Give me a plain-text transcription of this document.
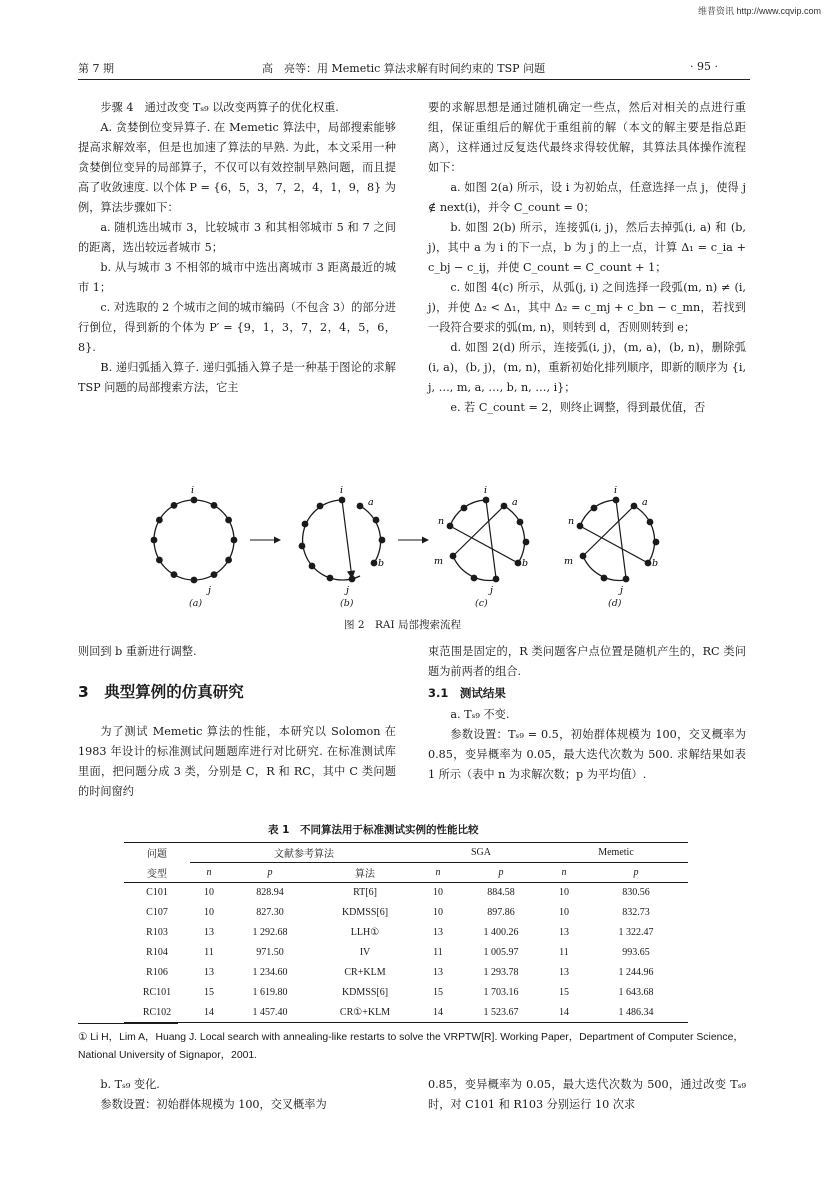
维普资讯 http://www.cqvip.com
第 7 期	高　亮等：用 Memetic 算法求解有时间约束的 TSP 问题	· 95 ·

步骤 4　通过改变 Tₛ₉ 以改变两算子的优化权重.

A. 贪婪倒位变异算子. 在 Memetic 算法中，局部搜索能够提高求解效率，但是也加速了算法的早熟. 为此，本文采用一种贪婪倒位变异的局部算子，不仅可以有效控制早熟问题，而且提高了收敛速度. 以个体 P = {6，5，3，7，2，4，1，9，8} 为例，算法步骤如下：

a. 随机选出城市 3，比较城市 3 和其相邻城市 5 和 7 之间的距离，选出较远者城市 5；

b. 从与城市 3 不相邻的城市中选出离城市 3 距离最近的城市 1；

c. 对选取的 2 个城市之间的城市编码（不包含 3）的部分进行倒位，得到新的个体为 P′ = {9，1，3，7，2，4，5，6，8}.

B. 递归弧插入算子. 递归弧插入算子是一种基于图论的求解 TSP 问题的局部搜索方法，它主

要的求解思想是通过随机确定一些点，然后对相关的点进行重组，保证重组后的解优于重组前的解（本文的解主要是指总距离），这样通过反复迭代最终求得较优解，其算法具体操作流程如下：

a. 如图 2(a) 所示，设 i 为初始点，任意选择一点 j，使得 j ∉ next(i)，并令 C_count = 0；

b. 如图 2(b) 所示，连接弧(i, j)，然后去掉弧(i, a) 和 (b, j)，其中 a 为 i 的下一点，b 为 j 的上一点，计算 Δ₁ = c_ia + c_bj − c_ij，并使 C_count = C_count + 1；

c. 如图 4(c) 所示，从弧(j, i) 之间选择一段弧(m, n) ≠ (i, j)，并使 Δ₂ < Δ₁，其中 Δ₂ = c_mj + c_bn − c_mn，若找到一段符合要求的弧(m, n)，则转到 d，否则则转到 e；

d. 如图 2(d) 所示，连接弧(i, j)，(m, a)，(b, n)，删除弧(i, a)，(b, j)，(m, n)，重新初始化排列顺序，即新的顺序为 {i, j, …, m, a, …, b, n, …, i}；

e. 若 C_count = 2，则终止调整，得到最优值，否

i
j
i
a
b
j
i
a
n
m	b
j
i
a
n
m	b
j
(a)	(b)	(c)	(d)
图 2　RAI 局部搜索流程

则回到 b 重新进行调整.

3　典型算例的仿真研究

为了测试 Memetic 算法的性能，本研究以 Solomon 在 1983 年设计的标准测试问题题库进行对比研究. 在标准测试库里面，把问题分成 3 类，分别是 C，R 和 RC，其中 C 类问题的时间窗约

束范围是固定的，R 类问题客户点位置是随机产生的，RC 类问题为前两者的组合.

3.1　测试结果

a. Tₛ₉ 不变.

参数设置：Tₛ₉ = 0.5，初始群体规模为 100，交叉概率为 0.85，变异概率为 0.05，最大迭代次数为 500. 求解结果如表 1 所示（表中 n 为求解次数；p 为平均值）.

表 1　不同算法用于标准测试实例的性能比较
问题	文献参考算法			SGA		Memetic	
变型	n	p	算法	n	p	n	p
C101	10	828.94	RT[6]	10	884.58	10	830.56
C107	10	827.30	KDMSS[6]	10	897.86	10	832.73
R103	13	1 292.68	LLH①	13	1 400.26	13	1 322.47
R104	11	971.50	IV	11	1 005.97	11	993.65
R106	13	1 234.60	CR+KLM	13	1 293.78	13	1 244.96
RC101	15	1 619.80	KDMSS[6]	15	1 703.16	15	1 643.68
RC102	14	1 457.40	CR①+KLM	14	1 523.67	14	1 486.34
① Li H，Lim A，Huang J. Local search with annealing-like restarts to solve the VRPTW[R]. Working Paper，Department of Computer Science，National University of Signapor，2001.

b. Tₛ₉ 变化.

参数设置：初始群体规模为 100，交叉概率为

0.85，变异概率为 0.05，最大迭代次数为 500，通过改变 Tₛ₉ 时，对 C101 和 R103 分别运行 10 次求
